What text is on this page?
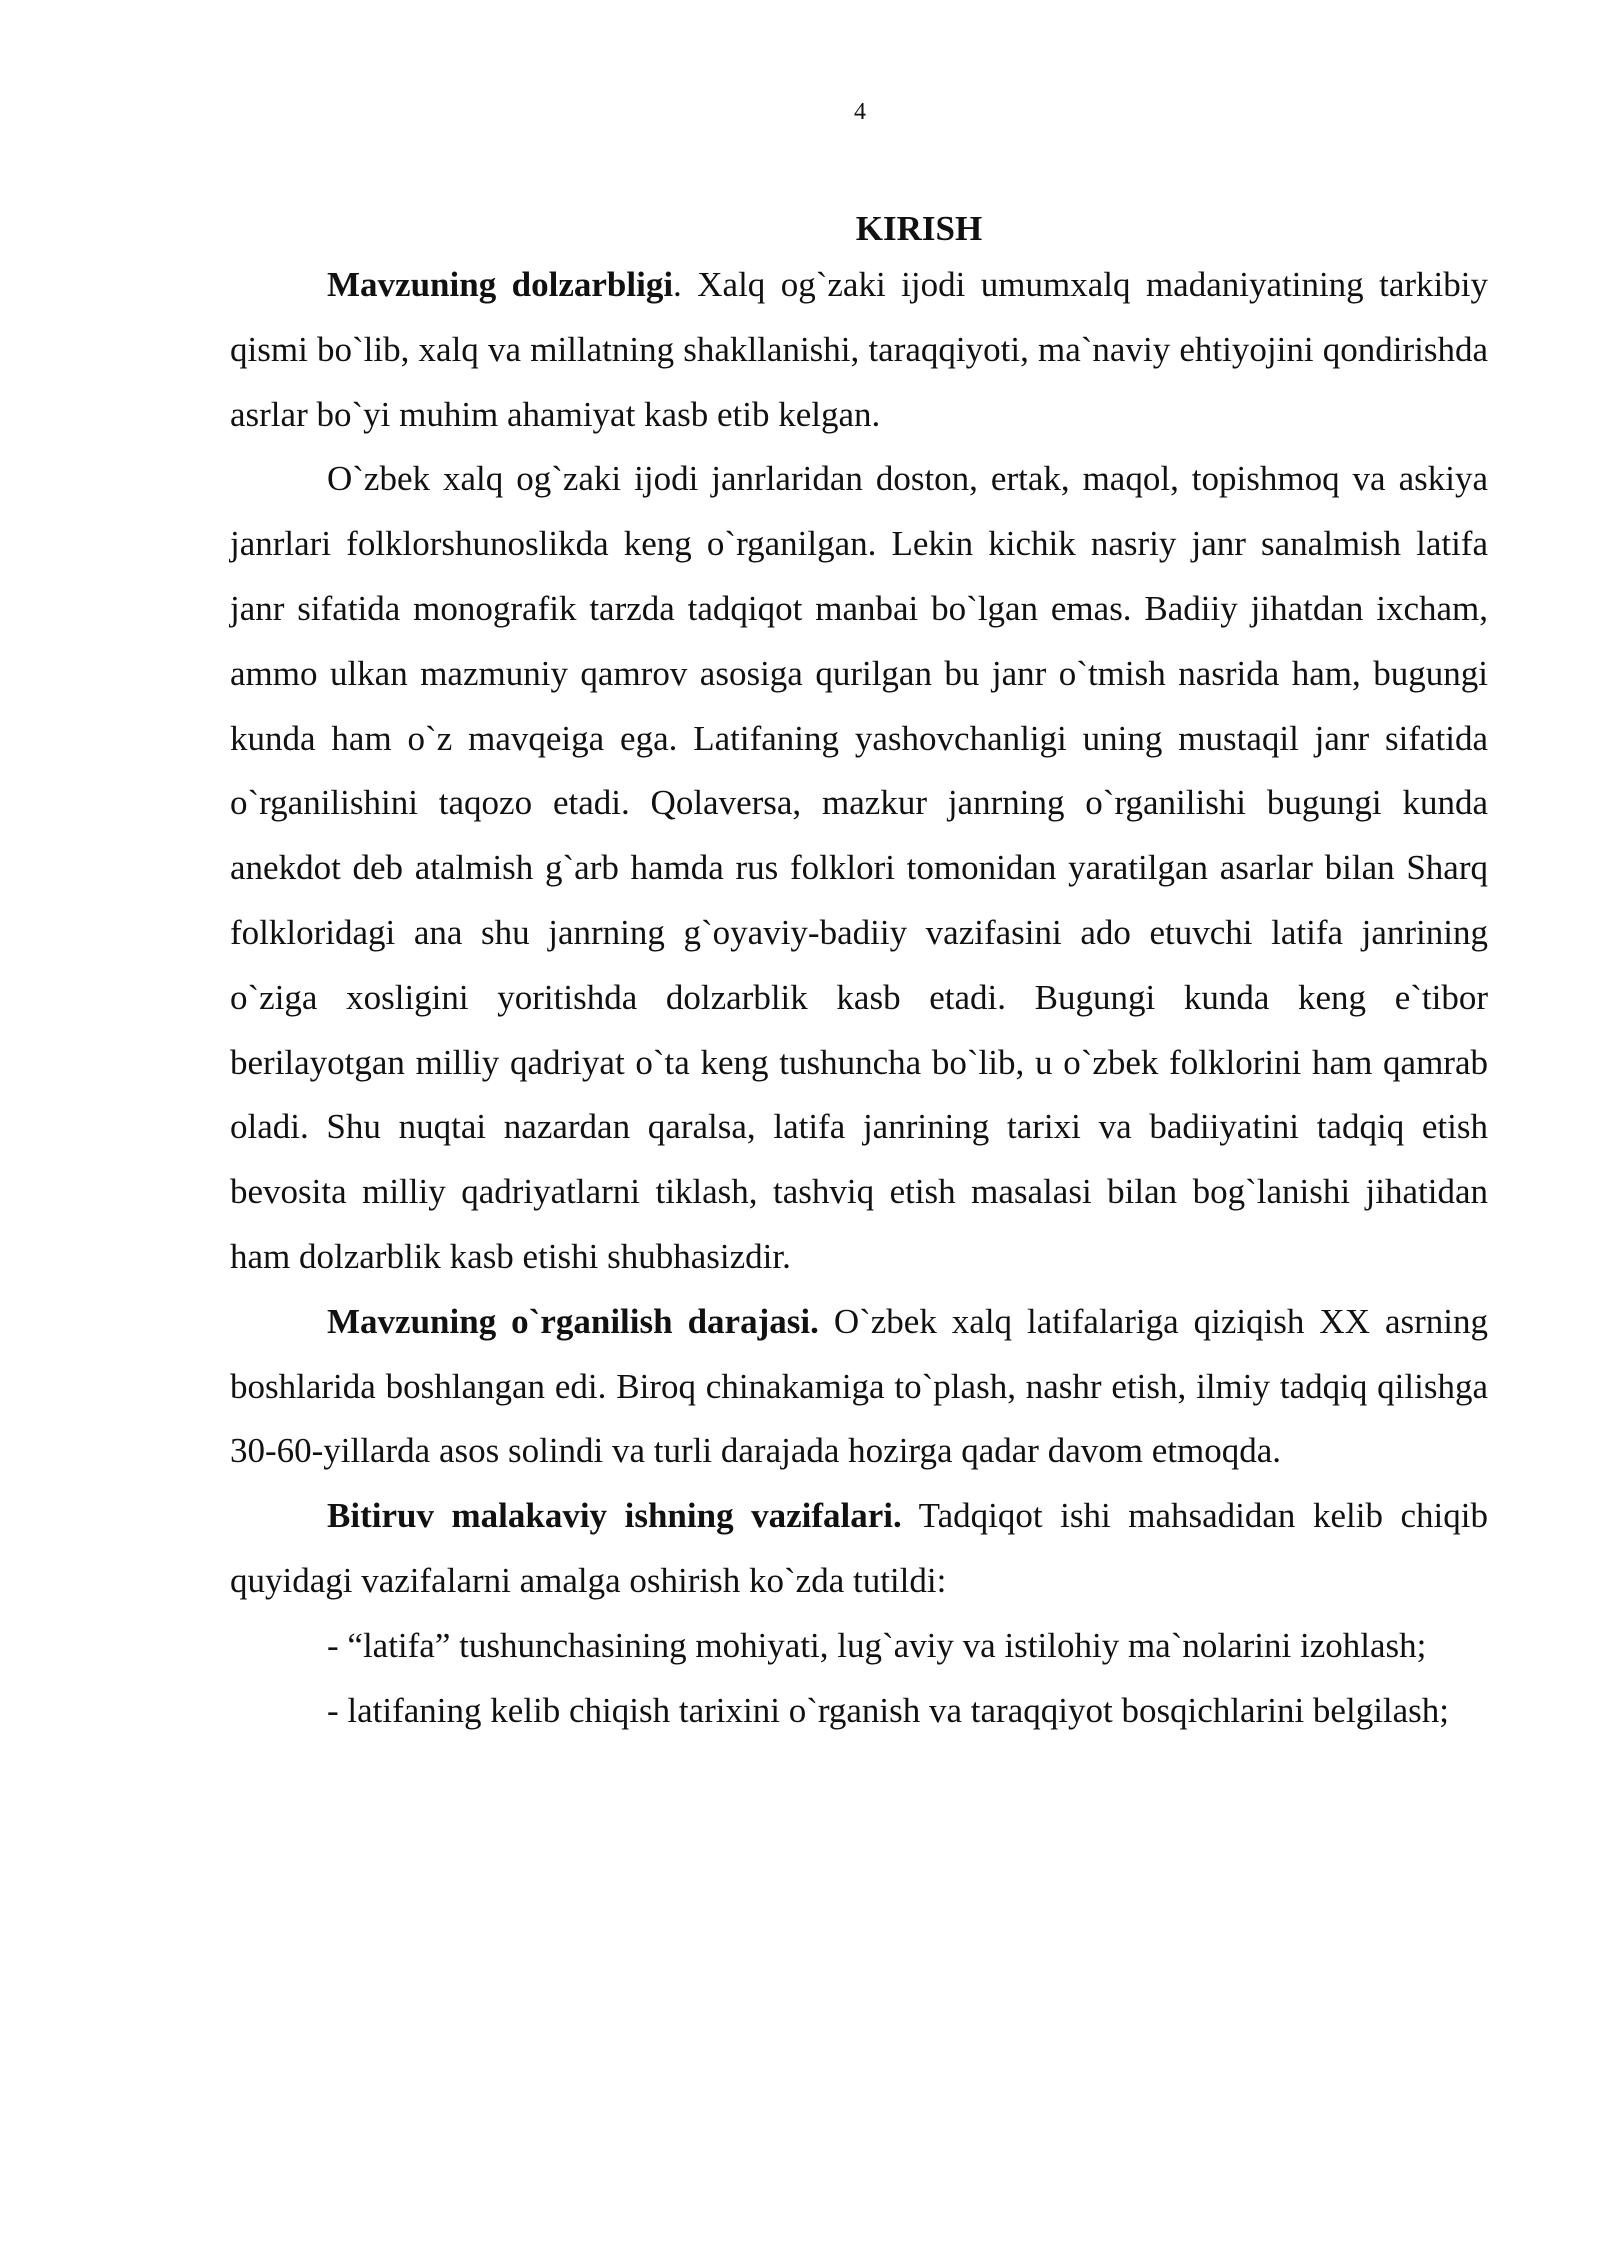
4
KIRISH

Mavzuning dolzarbligi. Xalq og`zaki ijodi umumxalq madaniyatining tarkibiy qismi bo`lib, xalq va millatning shakllanishi, taraqqiyoti, ma`naviy ehtiyojini qondirishda asrlar bo`yi muhim ahamiyat kasb etib kelgan.

O`zbek xalq og`zaki ijodi janrlaridan doston, ertak, maqol, topishmoq va askiya janrlari folklorshunoslikda keng o`rganilgan. Lekin kichik nasriy janr sanalmish latifa janr sifatida monografik tarzda tadqiqot manbai bo`lgan emas. Badiiy jihatdan ixcham, ammo ulkan mazmuniy qamrov asosiga qurilgan bu janr o`tmish nasrida ham, bugungi kunda ham o`z mavqeiga ega. Latifaning yashovchanligi uning mustaqil janr sifatida o`rganilishini taqozo etadi. Qolaversa, mazkur janrning o`rganilishi bugungi kunda anekdot deb atalmish g`arb hamda rus folklori tomonidan yaratilgan asarlar bilan Sharq folkloridagi ana shu janrning g`oyaviy-badiiy vazifasini ado etuvchi latifa janrining o`ziga xosligini yoritishda dolzarblik kasb etadi. Bugungi kunda keng e`tibor berilayotgan milliy qadriyat o`ta keng tushuncha bo`lib, u o`zbek folklorini ham qamrab oladi. Shu nuqtai nazardan qaralsa, latifa janrining tarixi va badiiyatini tadqiq etish bevosita milliy qadriyatlarni tiklash, tashviq etish masalasi bilan bog`lanishi jihatidan ham dolzarblik kasb etishi shubhasizdir.

Mavzuning o`rganilish darajasi. O`zbek xalq latifalariga qiziqish XX asrning boshlarida boshlangan edi. Biroq chinakamiga to`plash, nashr etish, ilmiy tadqiq qilishga 30-60-yillarda asos solindi va turli darajada hozirga qadar davom etmoqda.

Bitiruv malakaviy ishning vazifalari. Tadqiqot ishi mahsadidan kelib chiqib quyidagi vazifalarni amalga oshirish ko`zda tutildi:

- “latifa” tushunchasining mohiyati, lug`aviy va istilohiy ma`nolarini izohlash;

- latifaning kelib chiqish tarixini o`rganish va taraqqiyot bosqichlarini belgilash;
